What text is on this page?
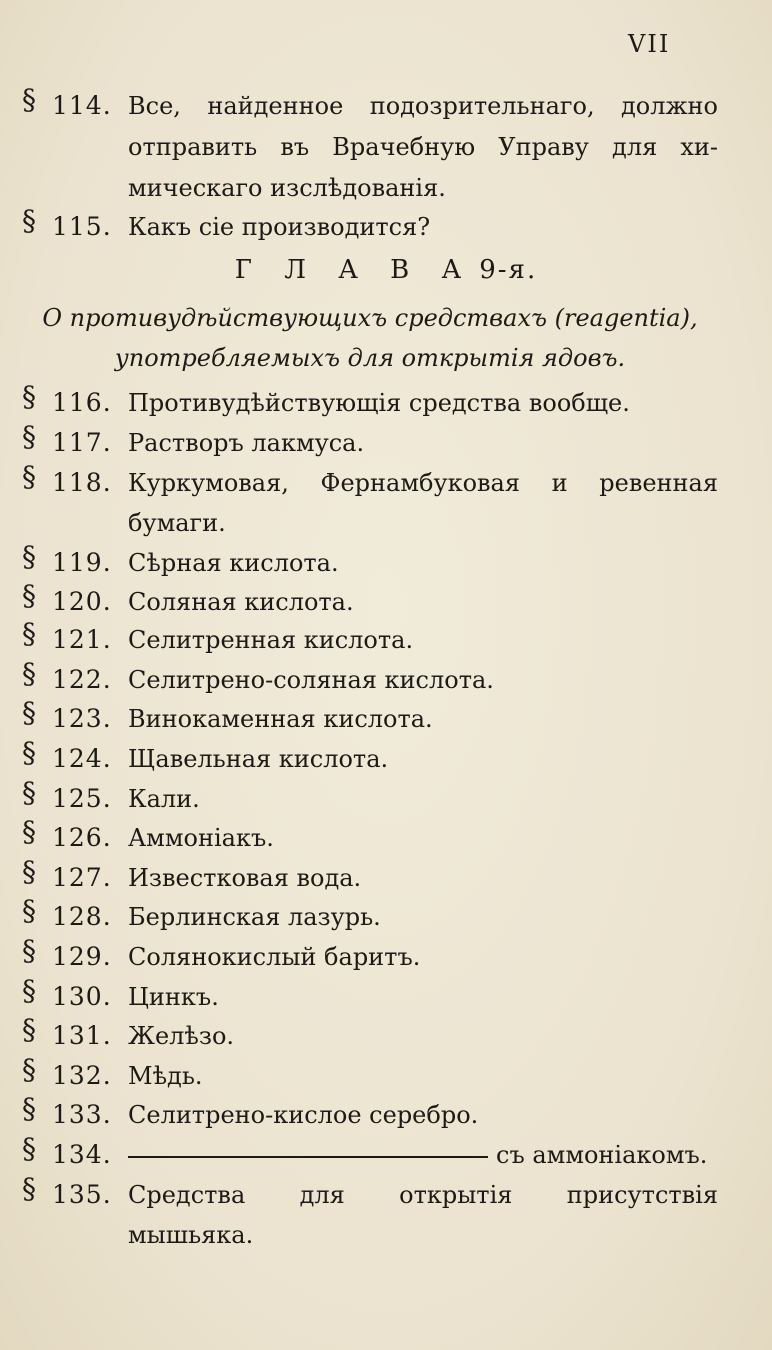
VII
§ 114. Все, найденное подозрительнаго, должно
отправить въ Врачебную Управу для хи-
мическаго изслѣдованія.
§ 115. Какъ сіе производится?
Г Л А В А 9-я.
О противудѣйствующихъ средствахъ (reagentia),
употребляемыхъ для открытія ядовъ.
§ 116. Противудѣйствующія средства вообще.
§ 117. Растворъ лакмуса.
§ 118. Куркумовая, Фернамбуковая и ревенная
бумаги.
§ 119. Сѣрная кислота.
§ 120. Соляная кислота.
§ 121. Селитренная кислота.
§ 122. Селитрено-соляная кислота.
§ 123. Винокаменная кислота.
§ 124. Щавельная кислота.
§ 125. Кали.
§ 126. Аммоніакъ.
§ 127. Известковая вода.
§ 128. Берлинская лазурь.
§ 129. Солянокислый баритъ.
§ 130. Цинкъ.
§ 131. Желѣзо.
§ 132. Мѣдь.
§ 133. Селитрено-кислое серебро.
§ 134.	съ аммоніакомъ.
§ 135. Средства для открытія присутствія
мышьяка.
